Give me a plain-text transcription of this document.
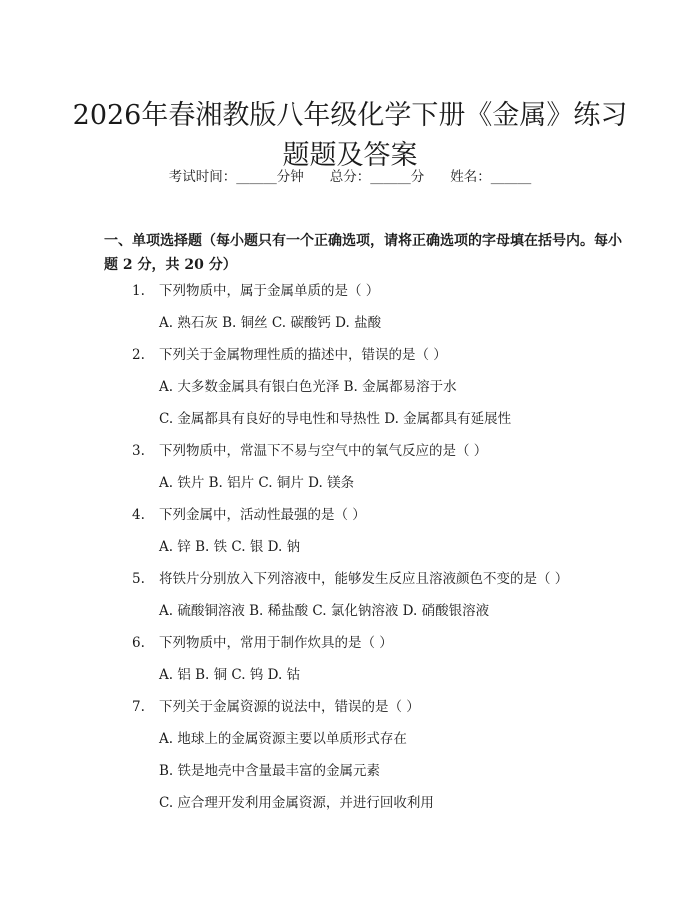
2026年春湘教版八年级化学下册《金属》练习题题及答案
考试时间：______分钟 总分：______分 姓名：______
一、单项选择题（每小题只有一个正确选项，请将正确选项的字母填在括号内。每小题 2 分，共 20 分）
1. 下列物质中，属于金属单质的是（ ）
A. 熟石灰 B. 铜丝 C. 碳酸钙 D. 盐酸
2. 下列关于金属物理性质的描述中，错误的是（ ）
A. 大多数金属具有银白色光泽 B. 金属都易溶于水
C. 金属都具有良好的导电性和导热性 D. 金属都具有延展性
3. 下列物质中，常温下不易与空气中的氧气反应的是（ ）
A. 铁片 B. 铝片 C. 铜片 D. 镁条
4. 下列金属中，活动性最强的是（ ）
A. 锌 B. 铁 C. 银 D. 钠
5. 将铁片分别放入下列溶液中，能够发生反应且溶液颜色不变的是（ ）
A. 硫酸铜溶液 B. 稀盐酸 C. 氯化钠溶液 D. 硝酸银溶液
6. 下列物质中，常用于制作炊具的是（ ）
A. 铝 B. 铜 C. 钨 D. 钴
7. 下列关于金属资源的说法中，错误的是（ ）
A. 地球上的金属资源主要以单质形式存在
B. 铁是地壳中含量最丰富的金属元素
C. 应合理开发利用金属资源，并进行回收利用
